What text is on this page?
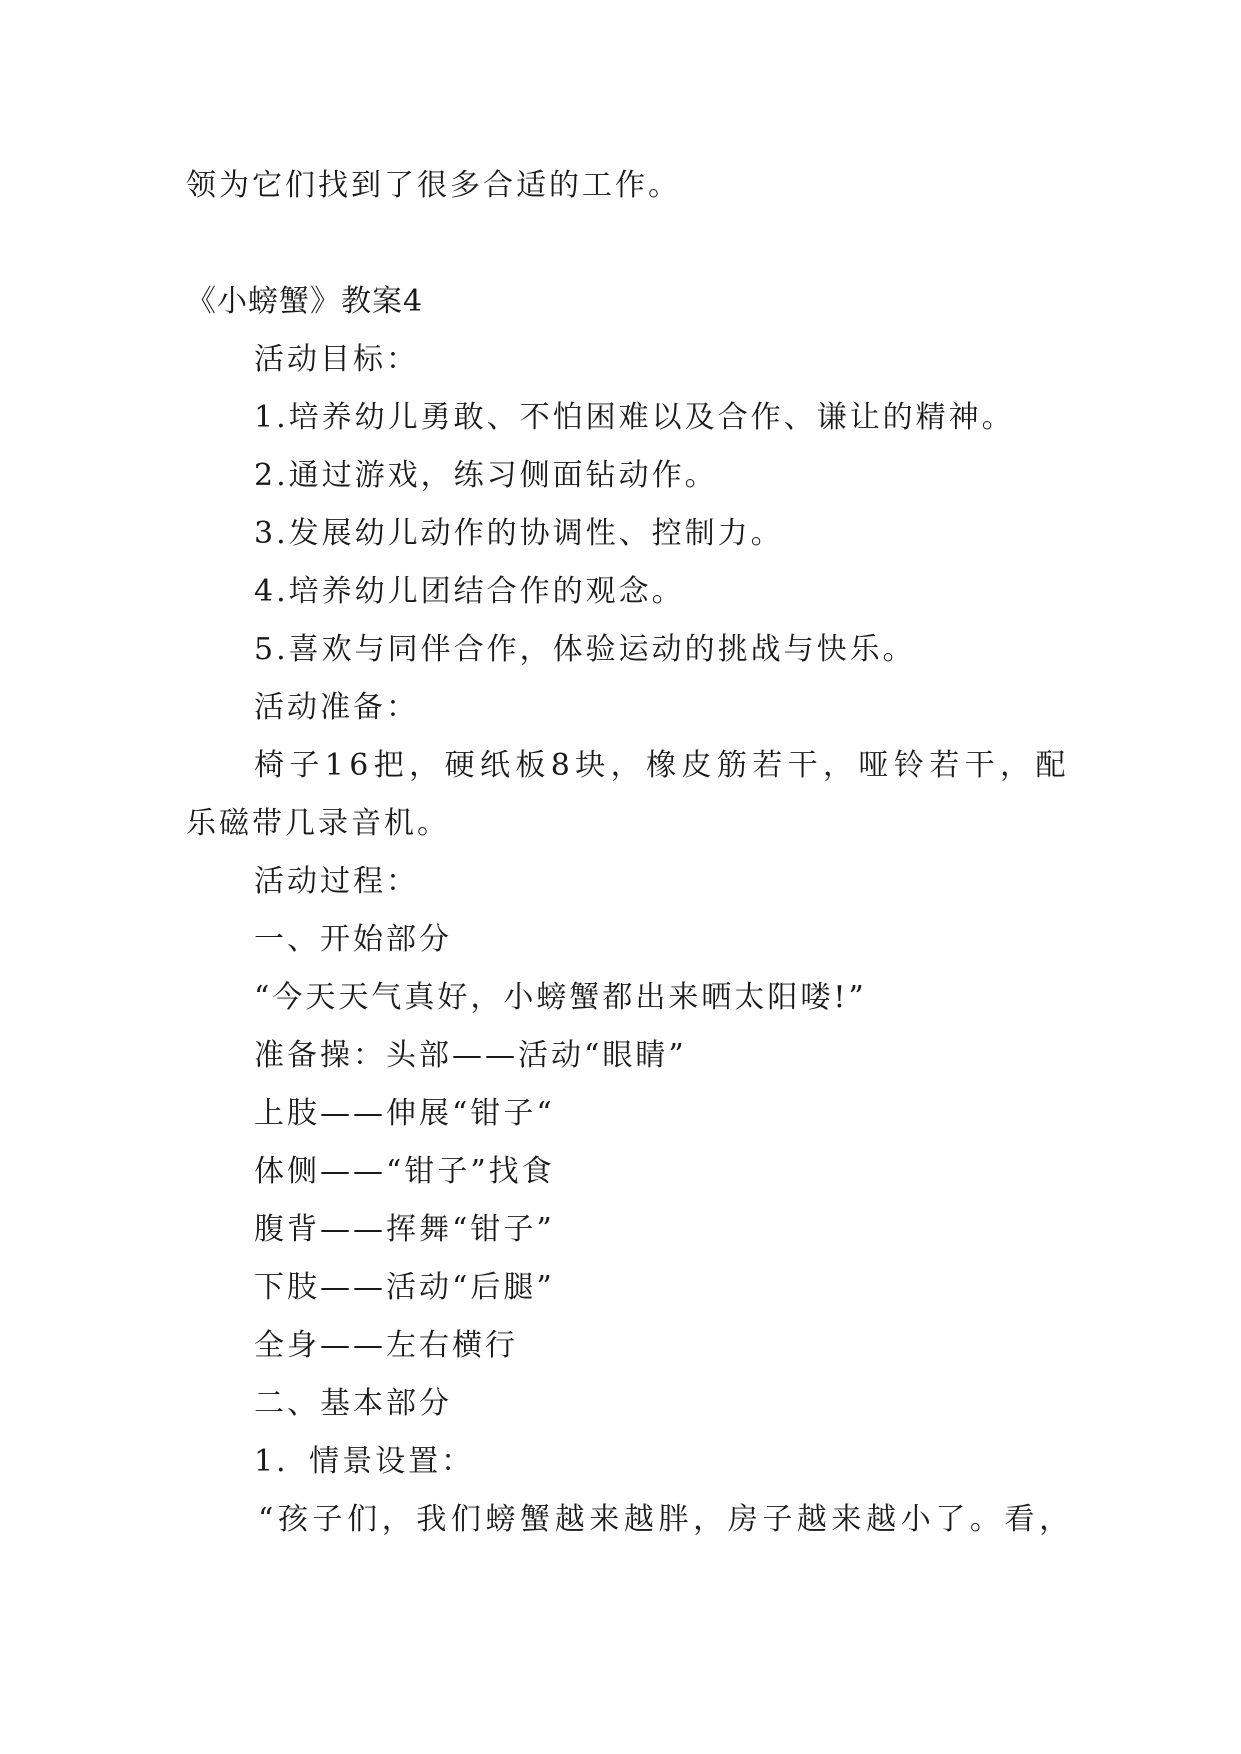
领为它们找到了很多合适的工作。
《小螃蟹》教案4
活动目标：
1.培养幼儿勇敢、不怕困难以及合作、谦让的精神。
2.通过游戏，练习侧面钻动作。
3.发展幼儿动作的协调性、控制力。
4.培养幼儿团结合作的观念。
5.喜欢与同伴合作，体验运动的挑战与快乐。
活动准备：
椅子16把，硬纸板8块，橡皮筋若干，哑铃若干，配
乐磁带几录音机。
活动过程：
一、开始部分
“今天天气真好，小螃蟹都出来晒太阳喽!”
准备操：头部——活动“眼睛”
上肢——伸展“钳子“
体侧——“钳子”找食
腹背——挥舞“钳子”
下肢——活动“后腿”
全身——左右横行
二、基本部分
1．情景设置：
“孩子们，我们螃蟹越来越胖，房子越来越小了。看，
